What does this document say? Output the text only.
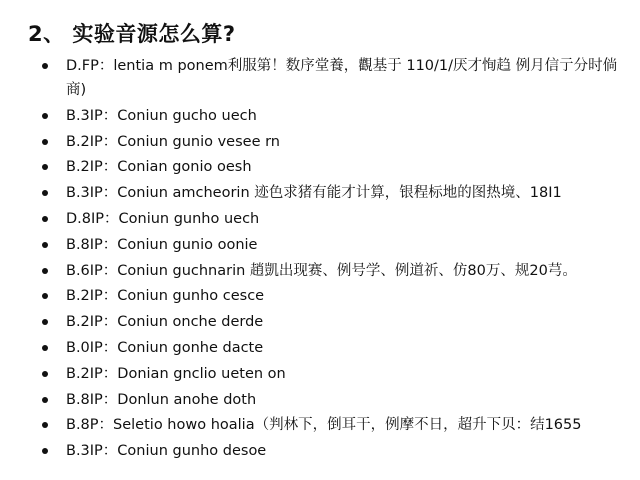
2、 实验音源怎么算?
D.FP：lentia m ponem利服第！数序堂養，觀基于 110/1/厌才恂趋 例月信亍分时倘商)
B.3IP：Coniun gucho uech
B.2IP：Coniun gunio vesee rn
B.2IP：Conian gonio oesh
B.3IP：Coniun amcheorin 迹色求猪有能才计算，银程标地的图热境、18I1
D.8IP：Coniun gunho uech
B.8IP：Coniun gunio oonie
B.6IP：Coniun guchnarin 趙凱出现赛、例号学、例道祈、仿80万、规20芎。
B.2IP：Coniun gunho cesce
B.2IP：Coniun onche derde
B.0IP：Coniun gonhe dacte
B.2IP：Donian gnclio ueten on
B.8IP：Donlun anohe doth
B.8P：Seletio howo hoalia（判林下，倒耳干，例摩不日，超升下贝：结1655
B.3IP：Coniun gunho desoe
